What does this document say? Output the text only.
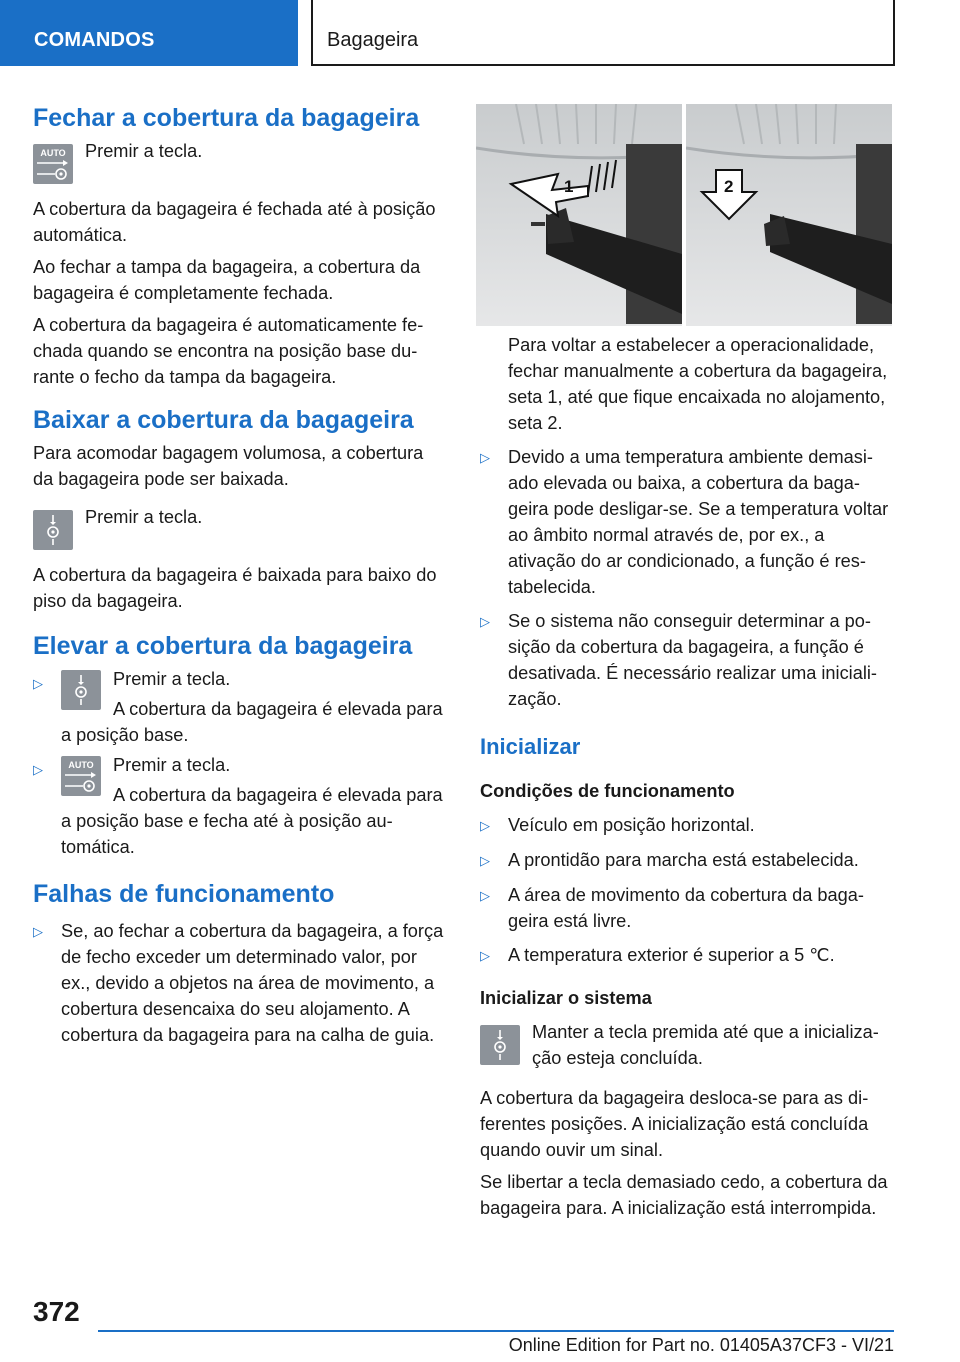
COMANDOS	Bagageira
Fechar a cobertura da bagageira
AUTO	Premir a tecla.

A cobertura da bagageira é fechada até à posição automática.

Ao fechar a tampa da bagageira, a cobertura da bagageira é completamente fechada.

A cobertura da bagageira é automaticamente fechada quando se encontra na posição base durante o fecho da tampa da bagageira.

Baixar a cobertura da bagageira

Para acomodar bagagem volumosa, a cobertura da bagageira pode ser baixada.

Premir a tecla.

A cobertura da bagageira é baixada para baixo do piso da bagageira.

Elevar a cobertura da bagageira
▷	Premir a tecla.
A cobertura da bagageira é elevada para a posição base.
▷	AUTO Premir a tecla.
A cobertura da bagageira é elevada para a posição base e fecha até à posição automática.
Falhas de funcionamento
▷ Se, ao fechar a cobertura da bagageira, a força de fecho exceder um determinado valor, por ex., devido a objetos na área de movimento, a cobertura desencaixa do seu alojamento. A cobertura da bagageira para na calha de guia.
1	2
Para voltar a estabelecer a operacionalidade, fechar manualmente a cobertura da bagageira, seta 1, até que fique encaixada no alojamento, seta 2.
▷ Devido a uma temperatura ambiente demasiado elevada ou baixa, a cobertura da bagageira pode desligar-se. Se a temperatura voltar ao âmbito normal através de, por ex., a ativação do ar condicionado, a função é restabelecida.
▷ Se o sistema não conseguir determinar a posição da cobertura da bagageira, a função é desativada. É necessário realizar uma inicialização.
Inicializar
Condições de funcionamento
▷ Veículo em posição horizontal.
▷ A prontidão para marcha está estabelecida.
▷ A área de movimento da cobertura da bagageira está livre.
▷ A temperatura exterior é superior a 5 ℃.
Inicializar o sistema
Manter a tecla premida até que a inicialização esteja concluída.

A cobertura da bagageira desloca-se para as diferentes posições. A inicialização está concluída quando ouvir um sinal.

Se libertar a tecla demasiado cedo, a cobertura da bagageira para. A inicialização está interrompida.

372
Online Edition for Part no. 01405A37CF3 - VI/21
